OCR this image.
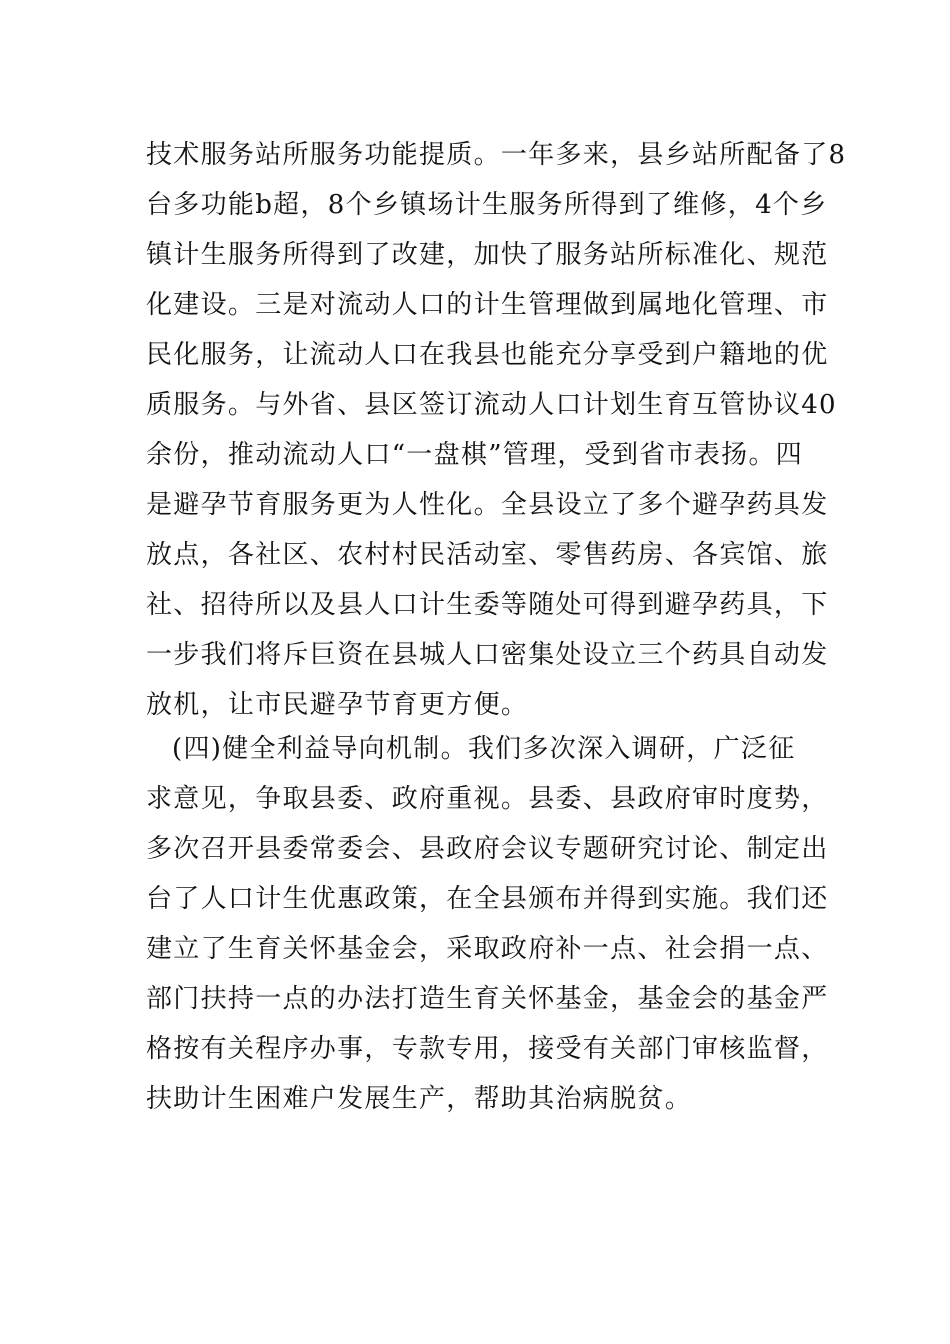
技术服务站所服务功能提质。一年多来，县乡站所配备了8
台多功能b超，8个乡镇场计生服务所得到了维修，4个乡
镇计生服务所得到了改建，加快了服务站所标准化、规范
化建设。三是对流动人口的计生管理做到属地化管理、市
民化服务，让流动人口在我县也能充分享受到户籍地的优
质服务。与外省、县区签订流动人口计划生育互管协议40
余份，推动流动人口“一盘棋”管理，受到省市表扬。四
是避孕节育服务更为人性化。全县设立了多个避孕药具发
放点，各社区、农村村民活动室、零售药房、各宾馆、旅
社、招待所以及县人口计生委等随处可得到避孕药具，下
一步我们将斥巨资在县城人口密集处设立三个药具自动发
放机，让市民避孕节育更方便。
(四)健全利益导向机制。我们多次深入调研，广泛征
求意见，争取县委、政府重视。县委、县政府审时度势，
多次召开县委常委会、县政府会议专题研究讨论、制定出
台了人口计生优惠政策，在全县颁布并得到实施。我们还
建立了生育关怀基金会，采取政府补一点、社会捐一点、
部门扶持一点的办法打造生育关怀基金，基金会的基金严
格按有关程序办事，专款专用，接受有关部门审核监督，
扶助计生困难户发展生产，帮助其治病脱贫。
